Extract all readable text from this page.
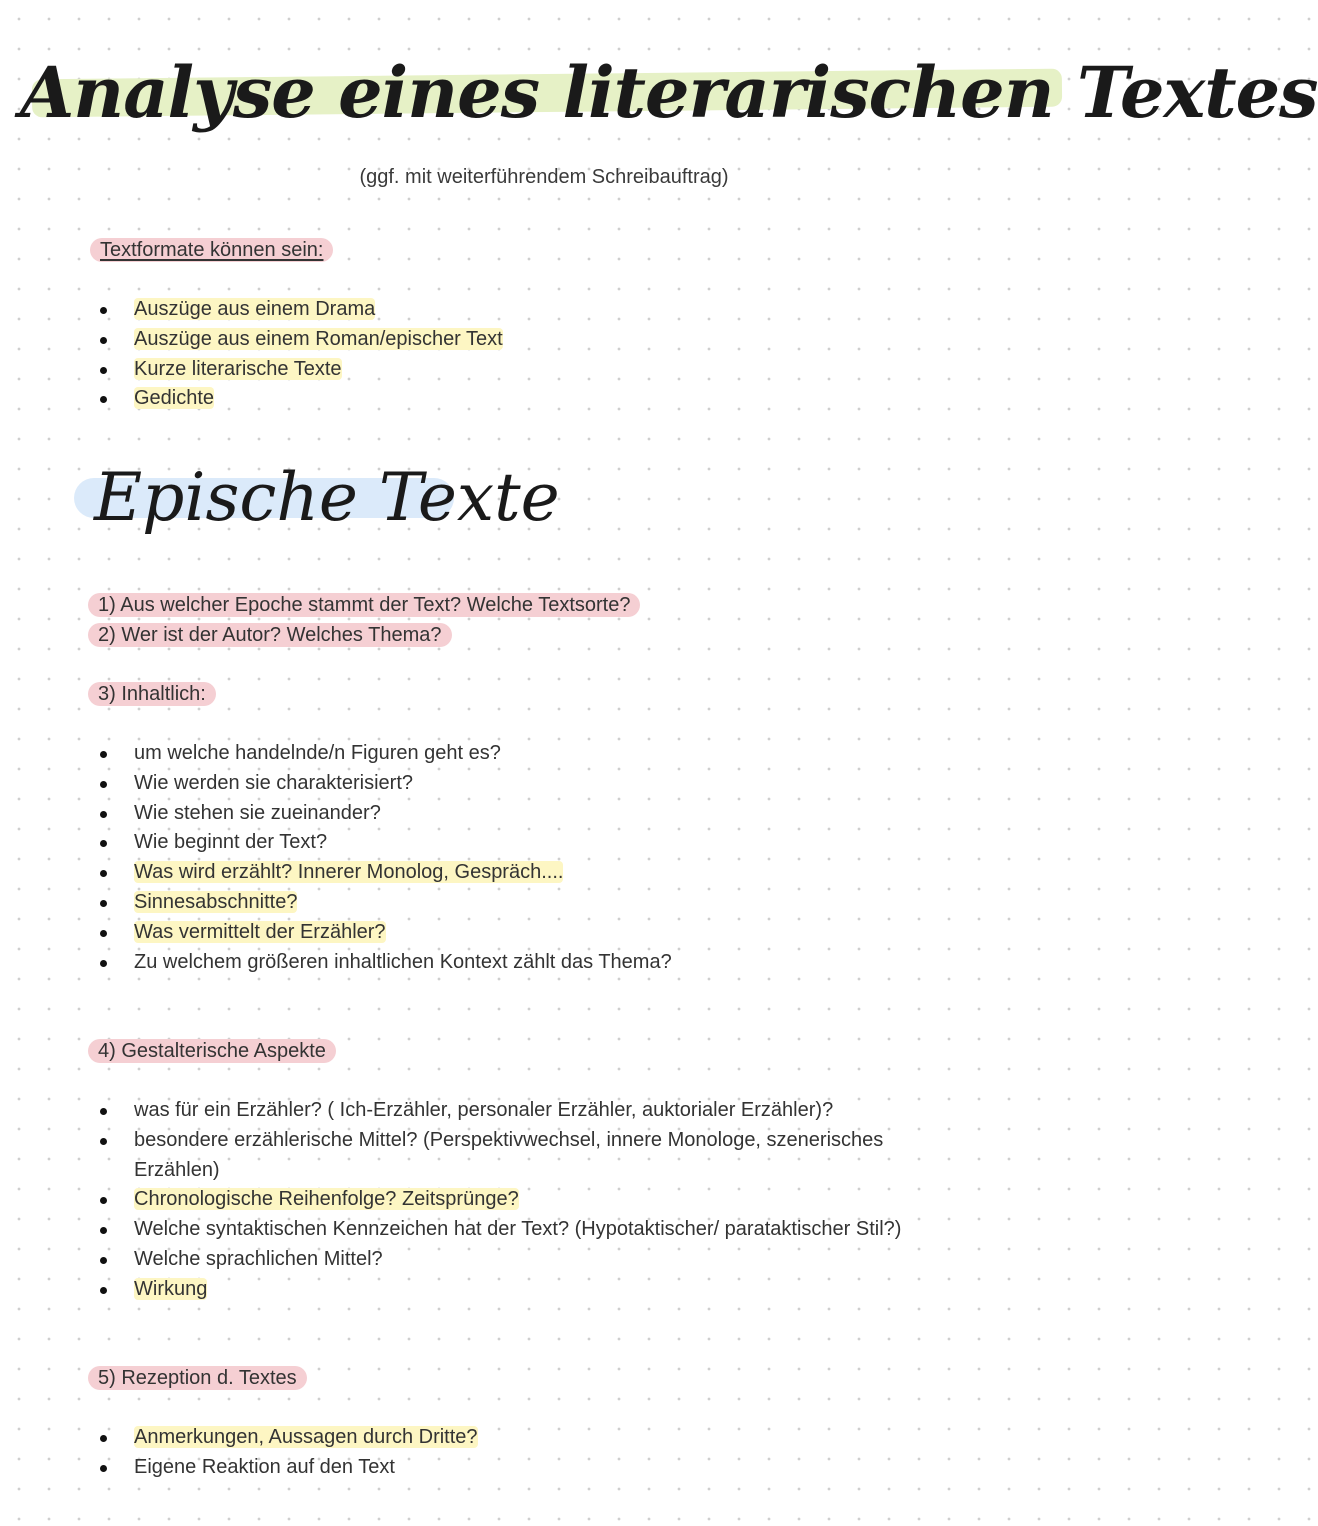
Analyse eines literarischen Textes
(ggf. mit weiterführendem Schreibauftrag)
Textformate können sein:
Auszüge aus einem Drama
Auszüge aus einem Roman/epischer Text
Kurze literarische Texte
Gedichte
Epische Texte
1) Aus welcher Epoche stammt der Text? Welche Textsorte?
2) Wer ist der Autor? Welches Thema?
3) Inhaltlich:
um welche handelnde/n Figuren geht es?
Wie werden sie charakterisiert?
Wie stehen sie zueinander?
Wie beginnt der Text?
Was wird erzählt? Innerer Monolog, Gespräch....
Sinnesabschnitte?
Was vermittelt der Erzähler?
Zu welchem größeren inhaltlichen Kontext zählt das Thema?
4) Gestalterische Aspekte
was für ein Erzähler? ( Ich-Erzähler, personaler Erzähler, auktorialer Erzähler)?
besondere erzählerische Mittel? (Perspektivwechsel, innere Monologe, szenerisches
Erzählen)
Chronologische Reihenfolge? Zeitsprünge?
Welche syntaktischen Kennzeichen hat der Text? (Hypotaktischer/ parataktischer Stil?)
Welche sprachlichen Mittel?
Wirkung
5) Rezeption d. Textes
Anmerkungen, Aussagen durch Dritte?
Eigene Reaktion auf den Text
